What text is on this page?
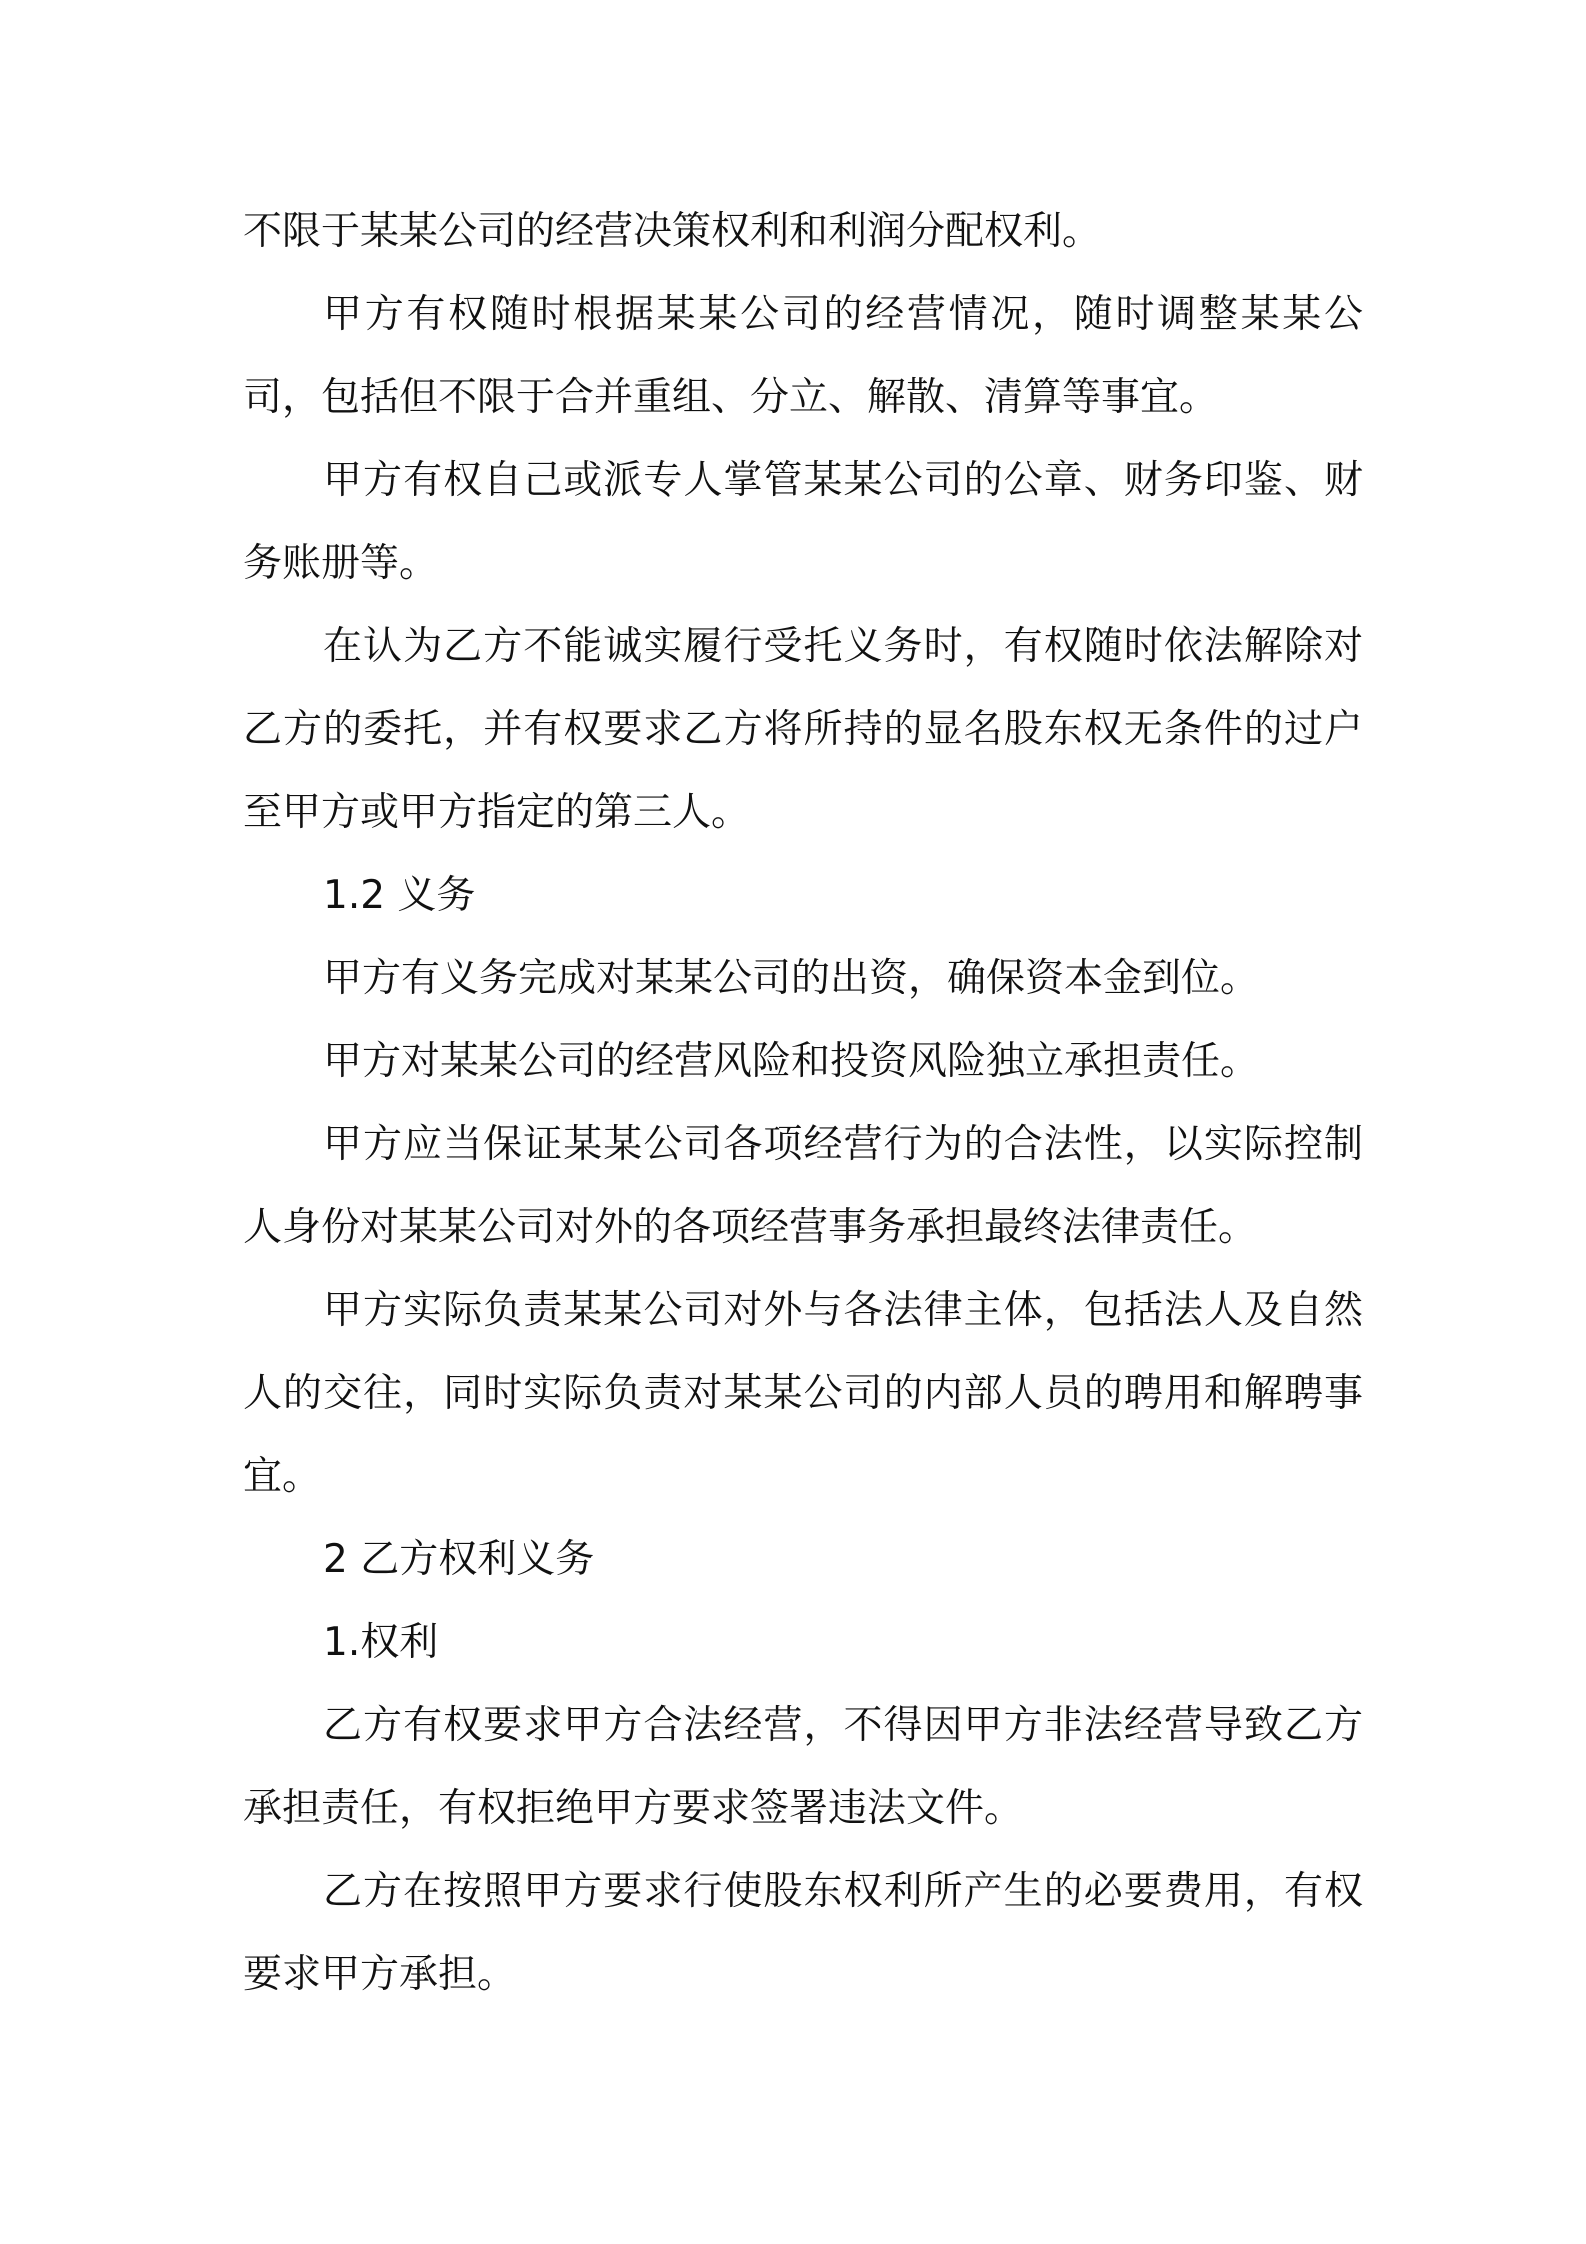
不限于某某公司的经营决策权利和利润分配权利。

甲方有权随时根据某某公司的经营情况，随时调整某某公司，包括但不限于合并重组、分立、解散、清算等事宜。

甲方有权自己或派专人掌管某某公司的公章、财务印鉴、财务账册等。

在认为乙方不能诚实履行受托义务时，有权随时依法解除对乙方的委托，并有权要求乙方将所持的显名股东权无条件的过户至甲方或甲方指定的第三人。

1.2 义务

甲方有义务完成对某某公司的出资，确保资本金到位。

甲方对某某公司的经营风险和投资风险独立承担责任。

甲方应当保证某某公司各项经营行为的合法性，以实际控制人身份对某某公司对外的各项经营事务承担最终法律责任。

甲方实际负责某某公司对外与各法律主体，包括法人及自然人的交往，同时实际负责对某某公司的内部人员的聘用和解聘事宜。

2 乙方权利义务

1.权利

乙方有权要求甲方合法经营，不得因甲方非法经营导致乙方承担责任，有权拒绝甲方要求签署违法文件。

乙方在按照甲方要求行使股东权利所产生的必要费用，有权要求甲方承担。
